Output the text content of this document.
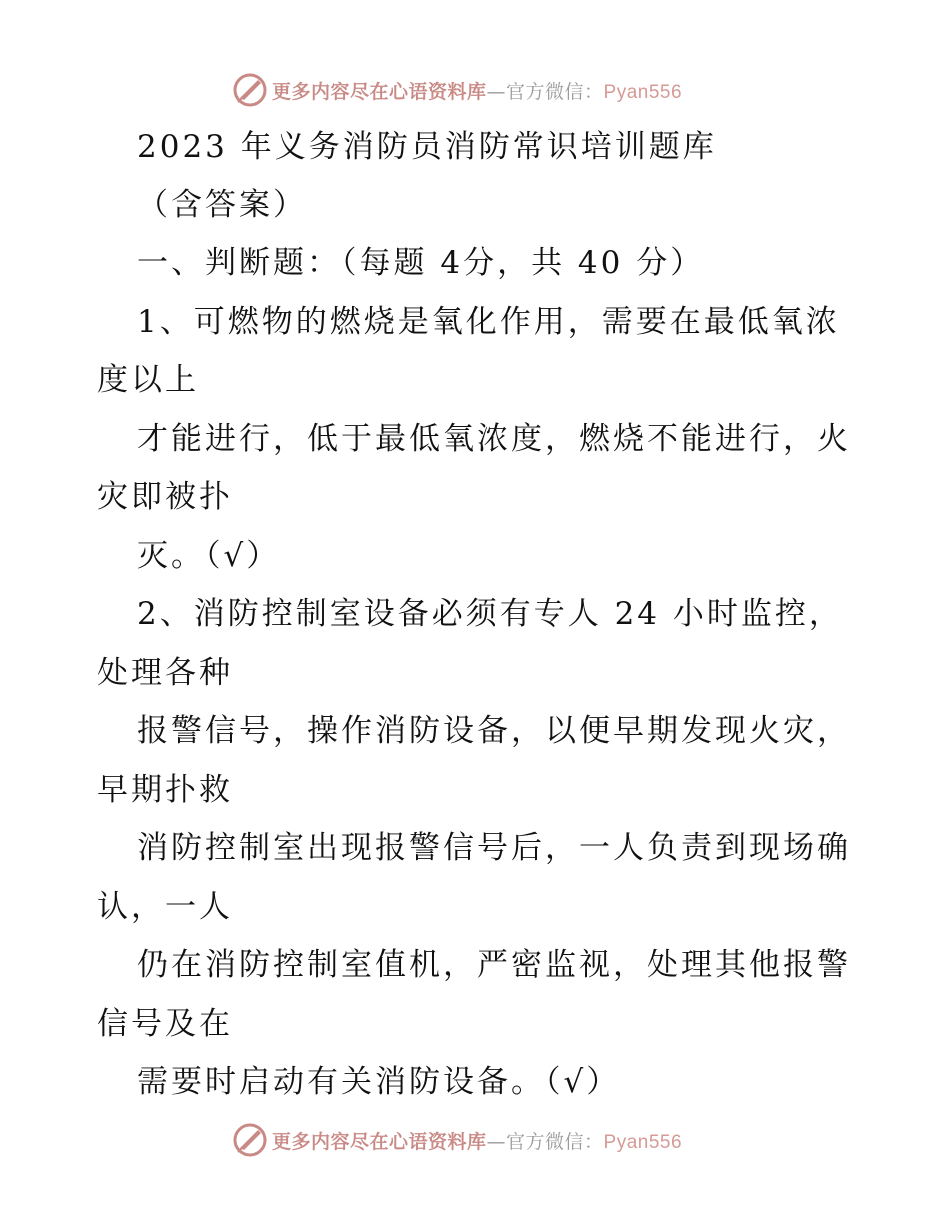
更多内容尽在心语资料库—官方微信：Pyan556
2023 年义务消防员消防常识培训题库
（含答案）
一、判断题：（每题 4分，共 40 分）
1、可燃物的燃烧是氧化作用，需要在最低氧浓
度以上
才能进行，低于最低氧浓度，燃烧不能进行，火
灾即被扑
灭。（√）
2、消防控制室设备必须有专人 24 小时监控，
处理各种
报警信号，操作消防设备，以便早期发现火灾，
早期扑救
消防控制室出现报警信号后，一人负责到现场确
认，一人
仍在消防控制室值机，严密监视，处理其他报警
信号及在
需要时启动有关消防设备。（√）
更多内容尽在心语资料库—官方微信：Pyan556
